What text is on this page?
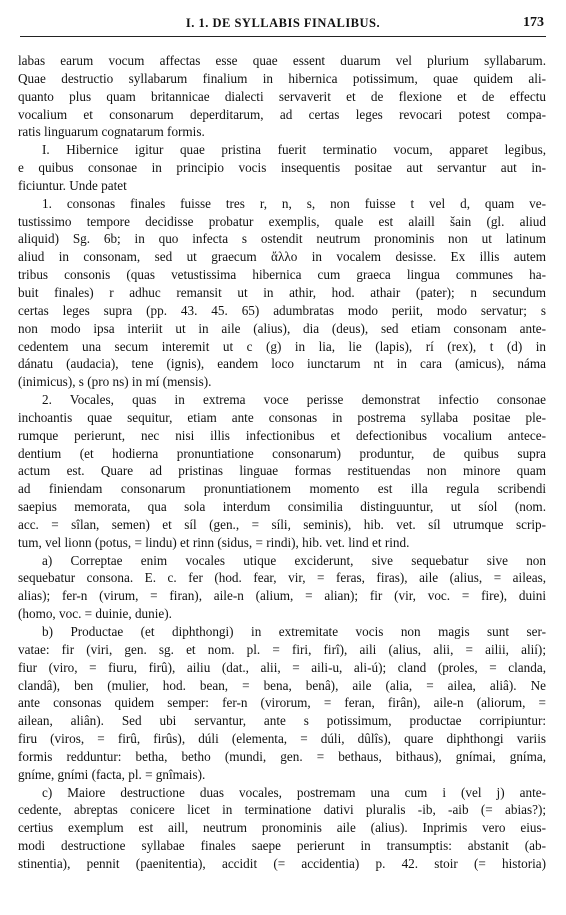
I. 1. DE SYLLABIS FINALIBUS.	173
labas earum vocum affectas esse quae essent duarum vel plurium syllabarum.
Quae destructio syllabarum finalium in hibernica potissimum, quae quidem ali-
quanto plus quam britannicae dialecti servaverit et de flexione et de effectu
vocalium et consonarum deperditarum, ad certas leges revocari potest compa-
ratis linguarum cognatarum formis.
I. Hibernice igitur quae pristina fuerit terminatio vocum, apparet legibus,
e quibus consonae in principio vocis insequentis positae aut servantur aut in-
ficiuntur. Unde patet
1. consonas finales fuisse tres r, n, s, non fuisse t vel d, quam ve-
tustissimo tempore decidisse probatur exemplis, quale est alaill šain (gl. aliud
aliquid) Sg. 6b; in quo infecta s ostendit neutrum pronominis non ut latinum
aliud in consonam, sed ut graecum ἄλλο in vocalem desisse. Ex illis autem
tribus consonis (quas vetustissima hibernica cum graeca lingua communes ha-
buit finales) r adhuc remansit ut in athir, hod. athair (pater); n secundum
certas leges supra (pp. 43. 45. 65) adumbratas modo periit, modo servatur; s
non modo ipsa interiit ut in aile (alius), dia (deus), sed etiam consonam ante-
cedentem una secum interemit ut c (g) in lia, lie (lapis), rí (rex), t (d) in
dánatu (audacia), tene (ignis), eandem loco iunctarum nt in cara (amicus), náma
(inimicus), s (pro ns) in mí (mensis).
2. Vocales, quas in extrema voce perisse demonstrat infectio consonae
inchoantis quae sequitur, etiam ante consonas in postrema syllaba positae ple-
rumque perierunt, nec nisi illis infectionibus et defectionibus vocalium antece-
dentium (et hodierna pronuntiatione consonarum) produntur, de quibus supra
actum est. Quare ad pristinas linguae formas restituendas non minore quam
ad finiendam consonarum pronuntiationem momento est illa regula scribendi
saepius memorata, qua sola interdum consimilia distinguuntur, ut síol (nom.
acc. = sîlan, semen) et síl (gen., = síli, seminis), hib. vet. síl utrumque scrip-
tum, vel lionn (potus, = lindu) et rinn (sidus, = rindi), hib. vet. lind et rind.
a) Correptae enim vocales utique exciderunt, sive sequebatur sive non
sequebatur consona. E. c. fer (hod. fear, vir, = feras, firas), aile (alius, = aileas,
alias); fer-n (virum, = firan), aile-n (alium, = alian); fir (vir, voc. = fire), duini
(homo, voc. = duinie, dunie).
b) Productae (et diphthongi) in extremitate vocis non magis sunt ser-
vatae: fir (viri, gen. sg. et nom. pl. = firi, firî), aili (alius, alii, = ailii, alií);
fiur (viro, = fiuru, firû), ailiu (dat., alii, = aili-u, ali-ú); cland (proles, = clanda,
clandâ), ben (mulier, hod. bean, = bena, benâ), aile (alia, = ailea, aliâ). Ne
ante consonas quidem semper: fer-n (virorum, = feran, firân), aile-n (aliorum, =
ailean, aliân). Sed ubi servantur, ante s potissimum, productae corripiuntur:
firu (viros, = firû, firûs), dúli (elementa, = dúli, dûlîs), quare diphthongi variis
formis redduntur: betha, betho (mundi, gen. = bethaus, bithaus), gnímai, gníma,
gníme, gními (facta, pl. = gnîmais).
c) Maiore destructione duas vocales, postremam una cum i (vel j) ante-
cedente, abreptas conicere licet in terminatione dativi pluralis -ib, -aib (= abias?);
certius exemplum est aill, neutrum pronominis aile (alius). Inprimis vero eius-
modi destructione syllabae finales saepe perierunt in transumptis: abstanit (ab-
stinentia), pennit (paenitentia), accidit (= accidentia) p. 42. stoir (= historia)
